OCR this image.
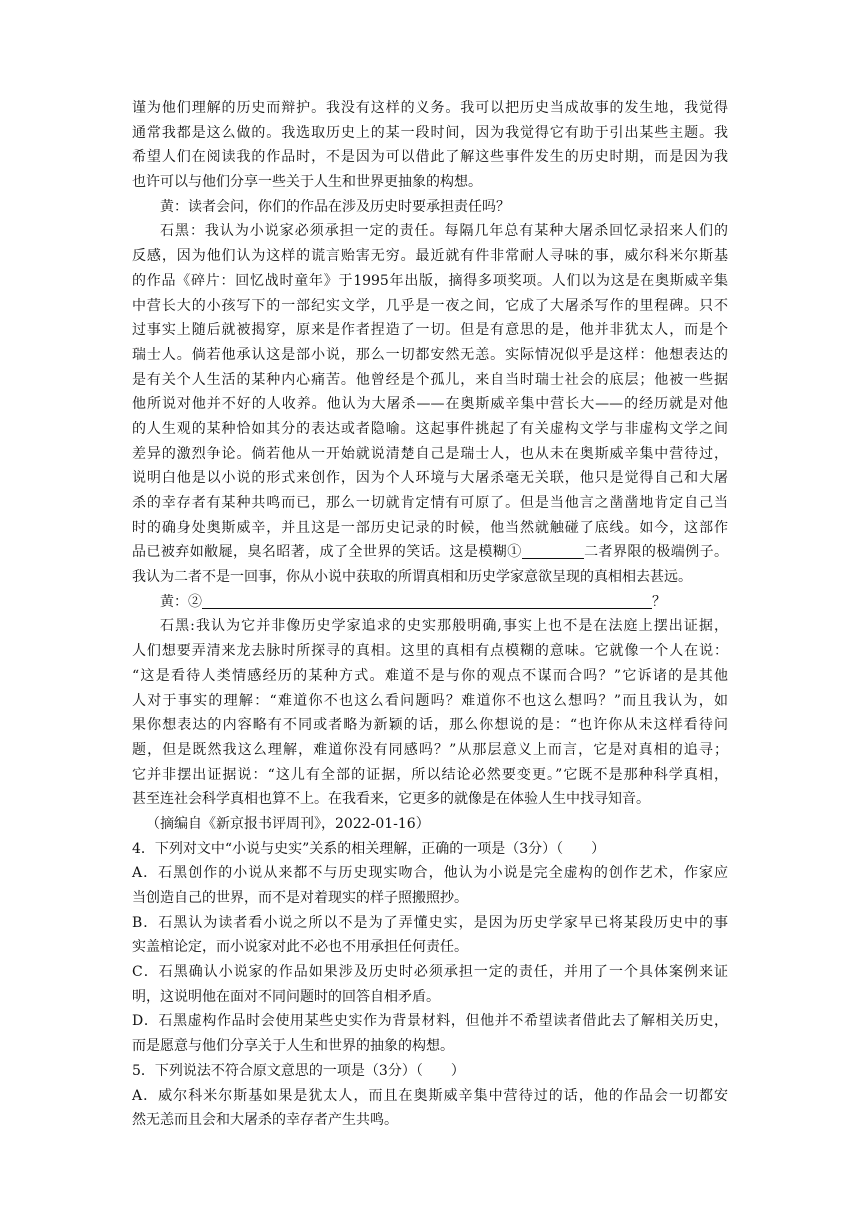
谨为他们理解的历史而辩护。我没有这样的义务。我可以把历史当成故事的发生地，我觉得
通常我都是这么做的。我选取历史上的某一段时间，因为我觉得它有助于引出某些主题。我
希望人们在阅读我的作品时，不是因为可以借此了解这些事件发生的历史时期，而是因为我
也许可以与他们分享一些关于人生和世界更抽象的构想。
黄：读者会问，你们的作品在涉及历史时要承担责任吗？
石黑：我认为小说家必须承担一定的责任。每隔几年总有某种大屠杀回忆录招来人们的
反感，因为他们认为这样的谎言贻害无穷。最近就有件非常耐人寻味的事，威尔科米尔斯基
的作品《碎片：回忆战时童年》于1995年出版，摘得多项奖项。人们以为这是在奥斯威辛集
中营长大的小孩写下的一部纪实文学，几乎是一夜之间，它成了大屠杀写作的里程碑。只不
过事实上随后就被揭穿，原来是作者捏造了一切。但是有意思的是，他并非犹太人，而是个
瑞士人。倘若他承认这是部小说，那么一切都安然无恙。实际情况似乎是这样：他想表达的
是有关个人生活的某种内心痛苦。他曾经是个孤儿，来自当时瑞士社会的底层；他被一些据
他所说对他并不好的人收养。他认为大屠杀——在奥斯威辛集中营长大——的经历就是对他
的人生观的某种恰如其分的表达或者隐喻。这起事件挑起了有关虚构文学与非虚构文学之间
差异的激烈争论。倘若他从一开始就说清楚自己是瑞士人，也从未在奥斯威辛集中营待过，
说明白他是以小说的形式来创作，因为个人环境与大屠杀毫无关联，他只是觉得自己和大屠
杀的幸存者有某种共鸣而已，那么一切就肯定情有可原了。但是当他言之凿凿地肯定自己当
时的确身处奥斯威辛，并且这是一部历史记录的时候，他当然就触碰了底线。如今，这部作
品已被弃如敝屣，臭名昭著，成了全世界的笑话。这是模糊①	二者界限的极端例子。
我认为二者不是一回事，你从小说中获取的所谓真相和历史学家意欲呈现的真相相去甚远。
黄：②	？
石黑:我认为它并非像历史学家追求的史实那般明确,事实上也不是在法庭上摆出证据，
人们想要弄清来龙去脉时所探寻的真相。这里的真相有点模糊的意味。它就像一个人在说：
“这是看待人类情感经历的某种方式。难道不是与你的观点不谋而合吗？”它诉诸的是其他
人对于事实的理解：“难道你不也这么看问题吗？难道你不也这么想吗？”而且我认为，如
果你想表达的内容略有不同或者略为新颖的话，那么你想说的是：“也许你从未这样看待问
题，但是既然我这么理解，难道你没有同感吗？”从那层意义上而言，它是对真相的追寻；
它并非摆出证据说：“这儿有全部的证据，所以结论必然要变更。”它既不是那种科学真相，
甚至连社会科学真相也算不上。在我看来，它更多的就像是在体验人生中找寻知音。
（摘编自《新京报书评周刊》，2022-01-16）
4．下列对文中“小说与史实”关系的相关理解，正确的一项是（3分）（　　）
A．石黑创作的小说从来都不与历史现实吻合，他认为小说是完全虚构的创作艺术，作家应
当创造自己的世界，而不是对着现实的样子照搬照抄。
B．石黑认为读者看小说之所以不是为了弄懂史实，是因为历史学家早已将某段历史中的事
实盖棺论定，而小说家对此不必也不用承担任何责任。
C．石黑确认小说家的作品如果涉及历史时必须承担一定的责任，并用了一个具体案例来证
明，这说明他在面对不同问题时的回答自相矛盾。
D．石黑虚构作品时会使用某些史实作为背景材料，但他并不希望读者借此去了解相关历史，
而是愿意与他们分享关于人生和世界的抽象的构想。
5．下列说法不符合原文意思的一项是（3分）（　　）
A．威尔科米尔斯基如果是犹太人，而且在奥斯威辛集中营待过的话，他的作品会一切都安
然无恙而且会和大屠杀的幸存者产生共鸣。
